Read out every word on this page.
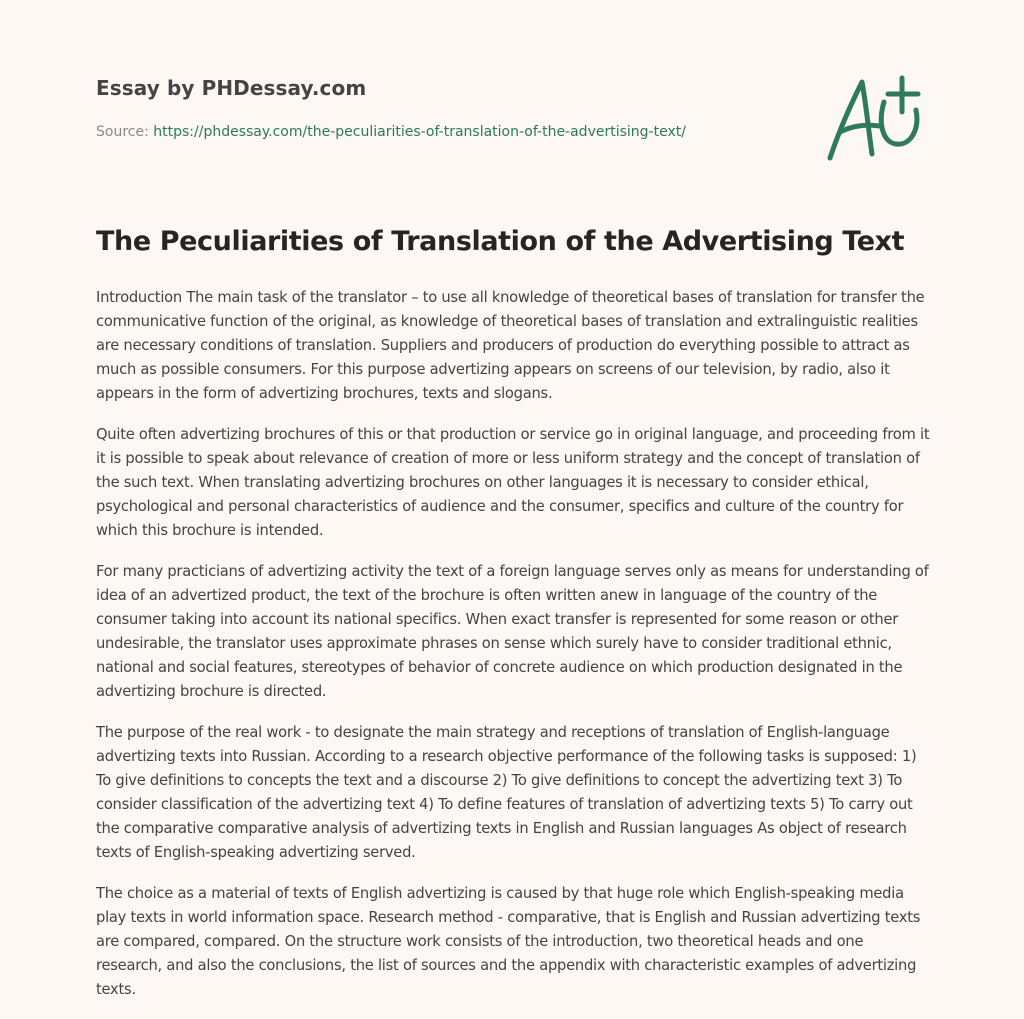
Essay by PHDessay.com

Source: https://phdessay.com/the-peculiarities-of-translation-of-the-advertising-text/

The Peculiarities of Translation of the Advertising Text

Introduction The main task of the translator – to use all knowledge of theoretical bases of translation for transfer the communicative function of the original, as knowledge of theoretical bases of translation and extralinguistic realities are necessary conditions of translation. Suppliers and producers of production do everything possible to attract as much as possible consumers. For this purpose advertizing appears on screens of our television, by radio, also it appears in the form of advertizing brochures, texts and slogans.

Quite often advertizing brochures of this or that production or service go in original language, and proceeding from it it is possible to speak about relevance of creation of more or less uniform strategy and the concept of translation of the such text. When translating advertizing brochures on other languages it is necessary to consider ethical, psychological and personal characteristics of audience and the consumer, specifics and culture of the country for which this brochure is intended.

For many practicians of advertizing activity the text of a foreign language serves only as means for understanding of idea of an advertized product, the text of the brochure is often written anew in language of the country of the consumer taking into account its national specifics. When exact transfer is represented for some reason or other undesirable, the translator uses approximate phrases on sense which surely have to consider traditional ethnic, national and social features, stereotypes of behavior of concrete audience on which production designated in the advertizing brochure is directed.

The purpose of the real work - to designate the main strategy and receptions of translation of English-language advertizing texts into Russian. According to a research objective performance of the following tasks is supposed: 1) To give definitions to concepts the text and a discourse 2) To give definitions to concept the advertizing text 3) To consider classification of the advertizing text 4) To define features of translation of advertizing texts 5) To carry out the comparative comparative analysis of advertizing texts in English and Russian languages As object of research texts of English-speaking advertizing served.

The choice as a material of texts of English advertizing is caused by that huge role which English-speaking media play texts in world information space. Research method - comparative, that is English and Russian advertizing texts are compared, compared. On the structure work consists of the introduction, two theoretical heads and one research, and also the conclusions, the list of sources and the appendix with characteristic examples of advertizing texts.
